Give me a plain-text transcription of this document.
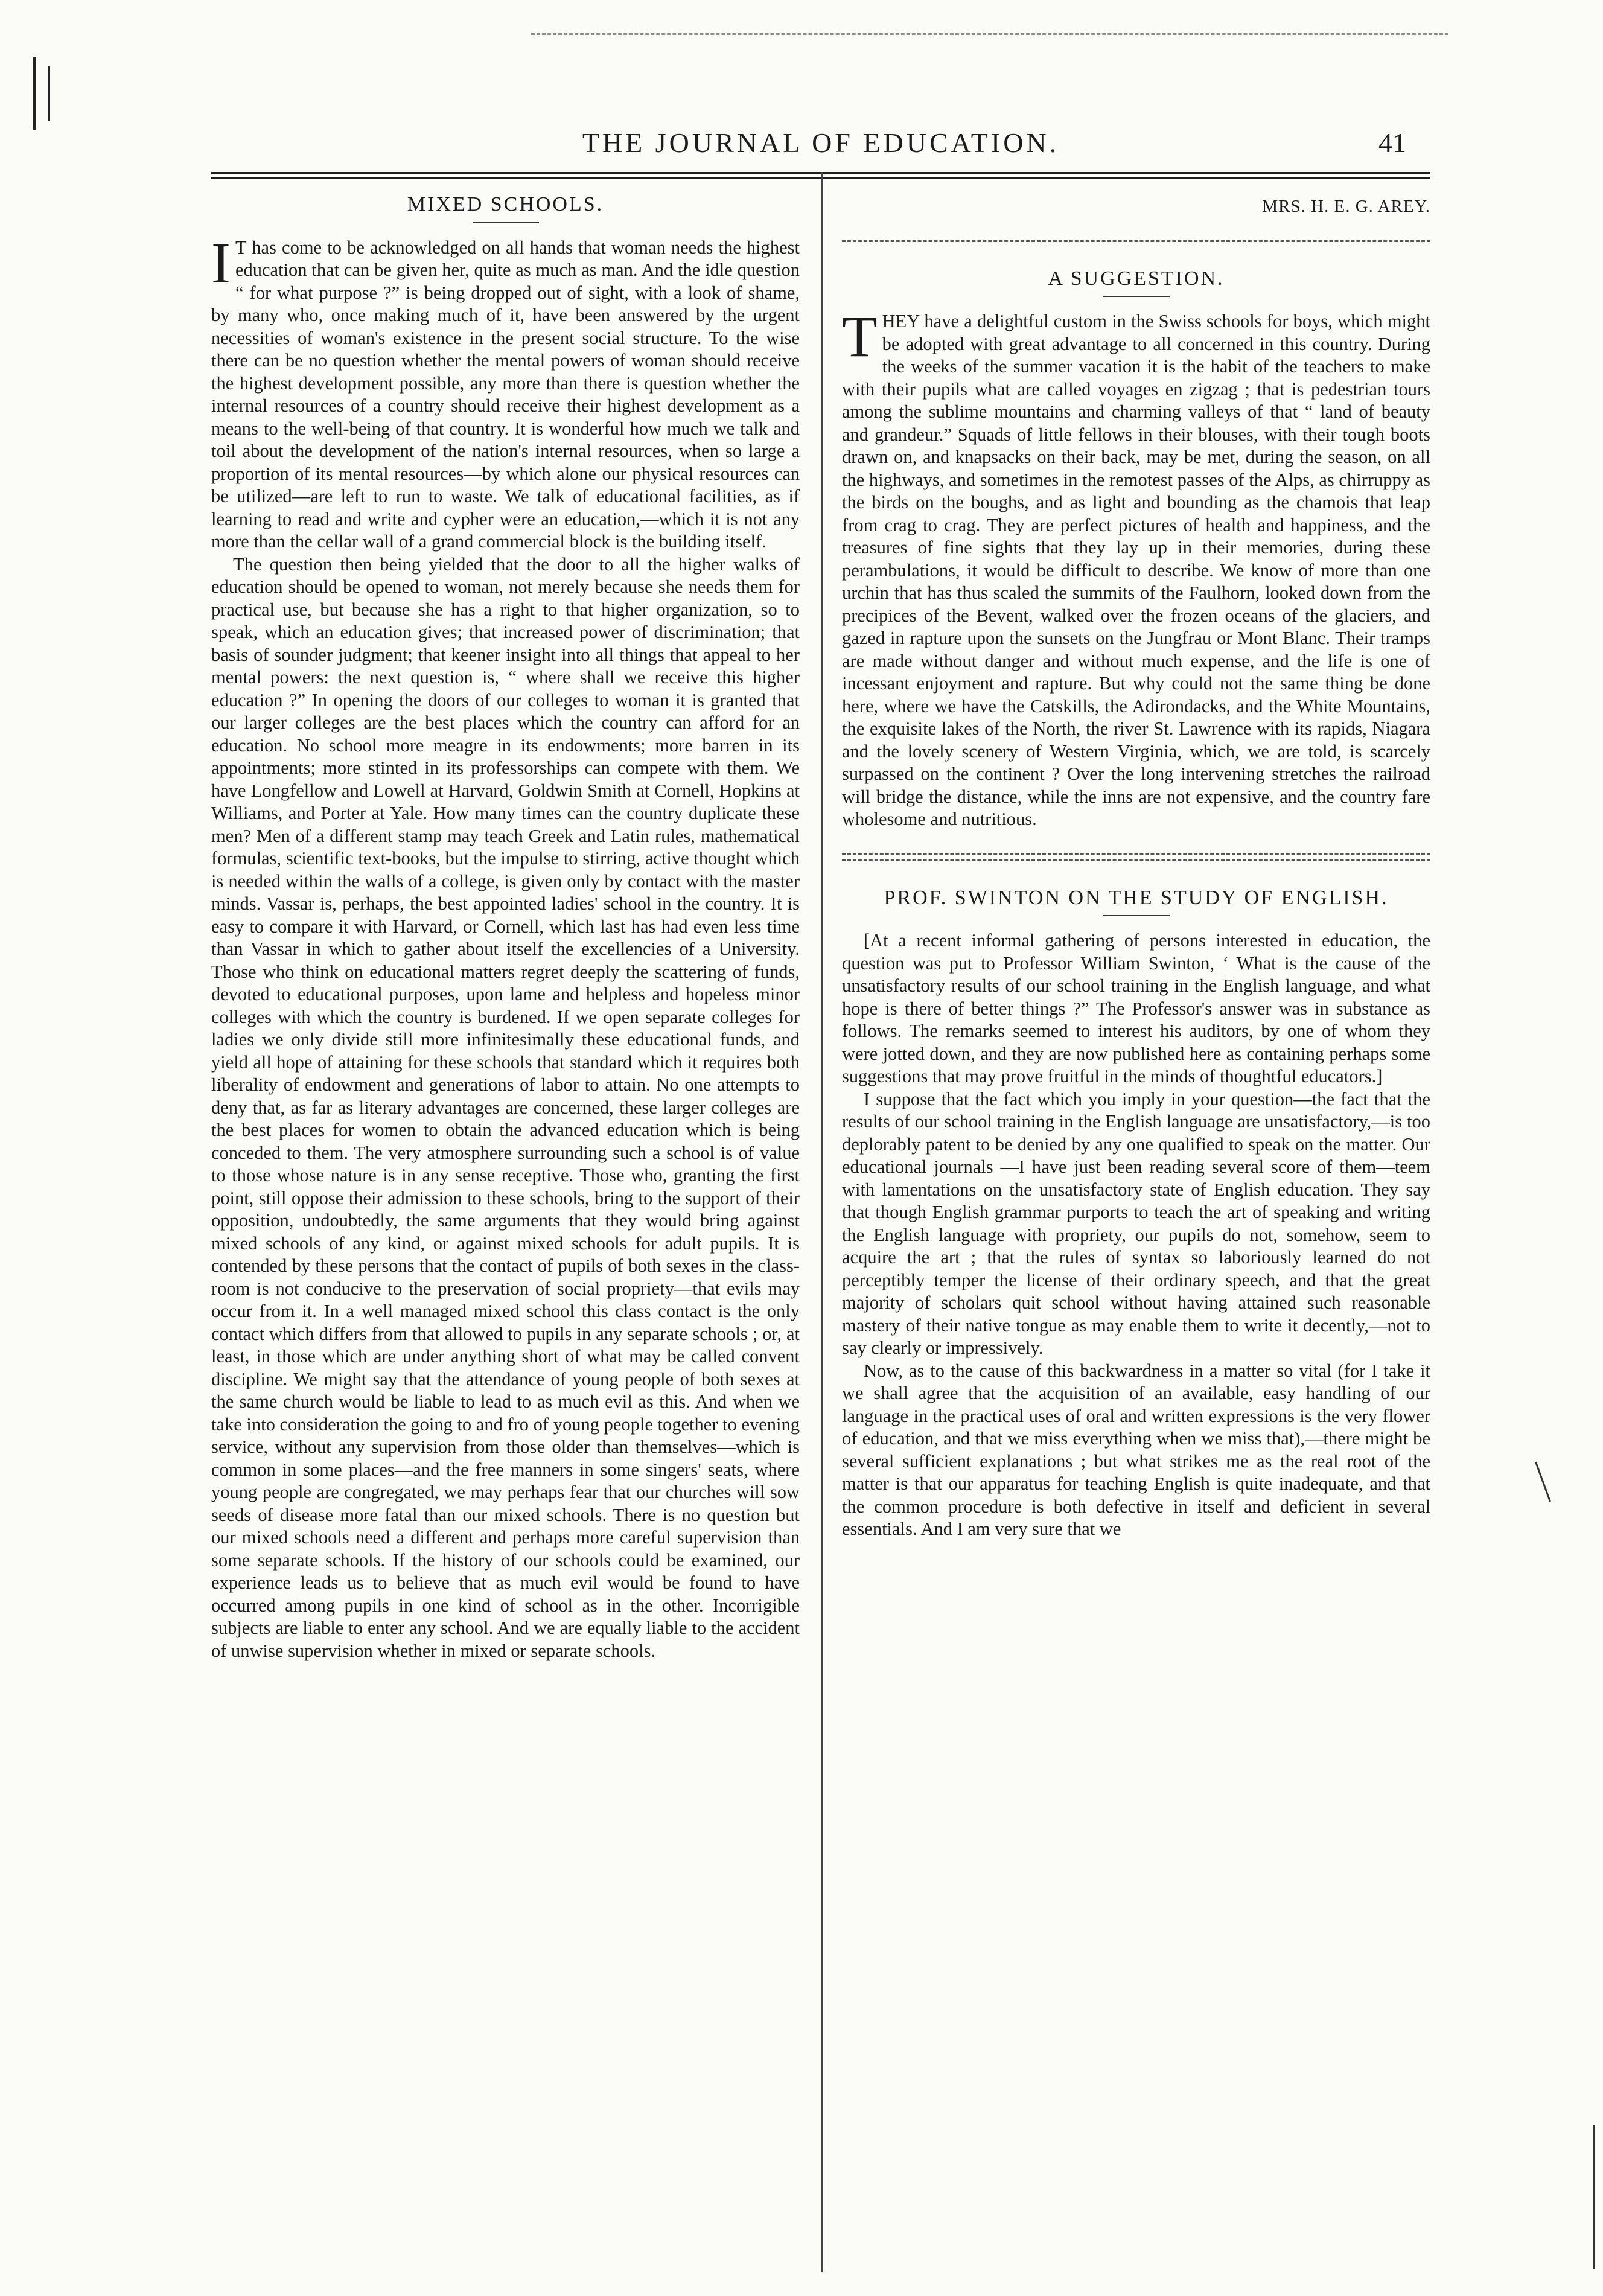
THE JOURNAL OF EDUCATION.	41
MIXED SCHOOLS.

I T has come to be acknowledged on all hands that woman needs the highest education that can be given her, quite as much as man. And the idle question “ for what purpose ?” is being dropped out of sight, with a look of shame, by many who, once making much of it, have been answered by the urgent necessities of woman's existence in the present social structure. To the wise there can be no question whether the mental powers of woman should receive the highest development possible, any more than there is question whether the internal resources of a country should receive their highest development as a means to the well-being of that country. It is wonderful how much we talk and toil about the development of the nation's internal resources, when so large a proportion of its mental resources—by which alone our physical resources can be utilized—are left to run to waste. We talk of educational facilities, as if learning to read and write and cypher were an education,—which it is not any more than the cellar wall of a grand commercial block is the building itself.

The question then being yielded that the door to all the higher walks of education should be opened to woman, not merely because she needs them for practical use, but because she has a right to that higher organization, so to speak, which an education gives; that increased power of discrimination; that basis of sounder judgment; that keener insight into all things that appeal to her mental powers: the next question is, “ where shall we receive this higher education ?” In opening the doors of our colleges to woman it is granted that our larger colleges are the best places which the country can afford for an education. No school more meagre in its endowments; more barren in its appointments; more stinted in its professorships can compete with them. We have Longfellow and Lowell at Harvard, Goldwin Smith at Cornell, Hopkins at Williams, and Porter at Yale. How many times can the country duplicate these men? Men of a different stamp may teach Greek and Latin rules, mathematical formulas, scientific text-books, but the impulse to stirring, active thought which is needed within the walls of a college, is given only by contact with the master minds. Vassar is, perhaps, the best appointed ladies' school in the country. It is easy to compare it with Harvard, or Cornell, which last has had even less time than Vassar in which to gather about itself the excellencies of a University. Those who think on educational matters regret deeply the scattering of funds, devoted to educational purposes, upon lame and helpless and hopeless minor colleges with which the country is burdened. If we open separate colleges for ladies we only divide still more infinitesimally these educational funds, and yield all hope of attaining for these schools that standard which it requires both liberality of endowment and generations of labor to attain. No one attempts to deny that, as far as literary advantages are concerned, these larger colleges are the best places for women to obtain the advanced education which is being conceded to them. The very atmosphere surrounding such a school is of value to those whose nature is in any sense receptive. Those who, granting the first point, still oppose their admission to these schools, bring to the support of their opposition, undoubtedly, the same arguments that they would bring against mixed schools of any kind, or against mixed schools for adult pupils. It is contended by these persons that the contact of pupils of both sexes in the class-room is not conducive to the preservation of social propriety—that evils may occur from it. In a well managed mixed school this class contact is the only contact which differs from that allowed to pupils in any separate schools ; or, at least, in those which are under anything short of what may be called convent discipline. We might say that the attendance of young people of both sexes at the same church would be liable to lead to as much evil as this. And when we take into consideration the going to and fro of young people together to evening service, without any supervision from those older than themselves—which is common in some places—and the free manners in some singers' seats, where young people are congregated, we may perhaps fear that our churches will sow seeds of disease more fatal than our mixed schools. There is no question but our mixed schools need a different and perhaps more careful supervision than some separate schools. If the history of our schools could be examined, our experience leads us to believe that as much evil would be found to have occurred among pupils in one kind of school as in the other. Incorrigible subjects are liable to enter any school. And we are equally liable to the accident of unwise supervision whether in mixed or separate schools.

MRS. H. E. G. AREY.
A SUGGESTION.

THEY have a delightful custom in the Swiss schools for boys, which might be adopted with great advantage to all concerned in this country. During the weeks of the summer vacation it is the habit of the teachers to make with their pupils what are called voyages en zigzag ; that is pedestrian tours among the sublime mountains and charming valleys of that “ land of beauty and grandeur.” Squads of little fellows in their blouses, with their tough boots drawn on, and knapsacks on their back, may be met, during the season, on all the highways, and sometimes in the remotest passes of the Alps, as chirruppy as the birds on the boughs, and as light and bounding as the chamois that leap from crag to crag. They are perfect pictures of health and happiness, and the treasures of fine sights that they lay up in their memories, during these perambulations, it would be difficult to describe. We know of more than one urchin that has thus scaled the summits of the Faulhorn, looked down from the precipices of the Bevent, walked over the frozen oceans of the glaciers, and gazed in rapture upon the sunsets on the Jungfrau or Mont Blanc. Their tramps are made without danger and without much expense, and the life is one of incessant enjoyment and rapture. But why could not the same thing be done here, where we have the Catskills, the Adirondacks, and the White Mountains, the exquisite lakes of the North, the river St. Lawrence with its rapids, Niagara and the lovely scenery of Western Virginia, which, we are told, is scarcely surpassed on the continent ? Over the long intervening stretches the railroad will bridge the distance, while the inns are not expensive, and the country fare wholesome and nutritious.

PROF. SWINTON ON THE STUDY OF ENGLISH.

[At a recent informal gathering of persons interested in education, the question was put to Professor William Swinton, ‘ What is the cause of the unsatisfactory results of our school training in the English language, and what hope is there of better things ?” The Professor's answer was in substance as follows. The remarks seemed to interest his auditors, by one of whom they were jotted down, and they are now published here as containing perhaps some suggestions that may prove fruitful in the minds of thoughtful educators.]

I suppose that the fact which you imply in your question—the fact that the results of our school training in the English language are unsatisfactory,—is too deplorably patent to be denied by any one qualified to speak on the matter. Our educational journals —I have just been reading several score of them—teem with lamentations on the unsatisfactory state of English education. They say that though English grammar purports to teach the art of speaking and writing the English language with propriety, our pupils do not, somehow, seem to acquire the art ; that the rules of syntax so laboriously learned do not perceptibly temper the license of their ordinary speech, and that the great majority of scholars quit school without having attained such reasonable mastery of their native tongue as may enable them to write it decently,—not to say clearly or impressively.

Now, as to the cause of this backwardness in a matter so vital (for I take it we shall agree that the acquisition of an available, easy handling of our language in the practical uses of oral and written expressions is the very flower of education, and that we miss everything when we miss that),—there might be several sufficient explanations ; but what strikes me as the real root of the matter is that our apparatus for teaching English is quite inadequate, and that the common procedure is both defective in itself and deficient in several essentials. And I am very sure that we
